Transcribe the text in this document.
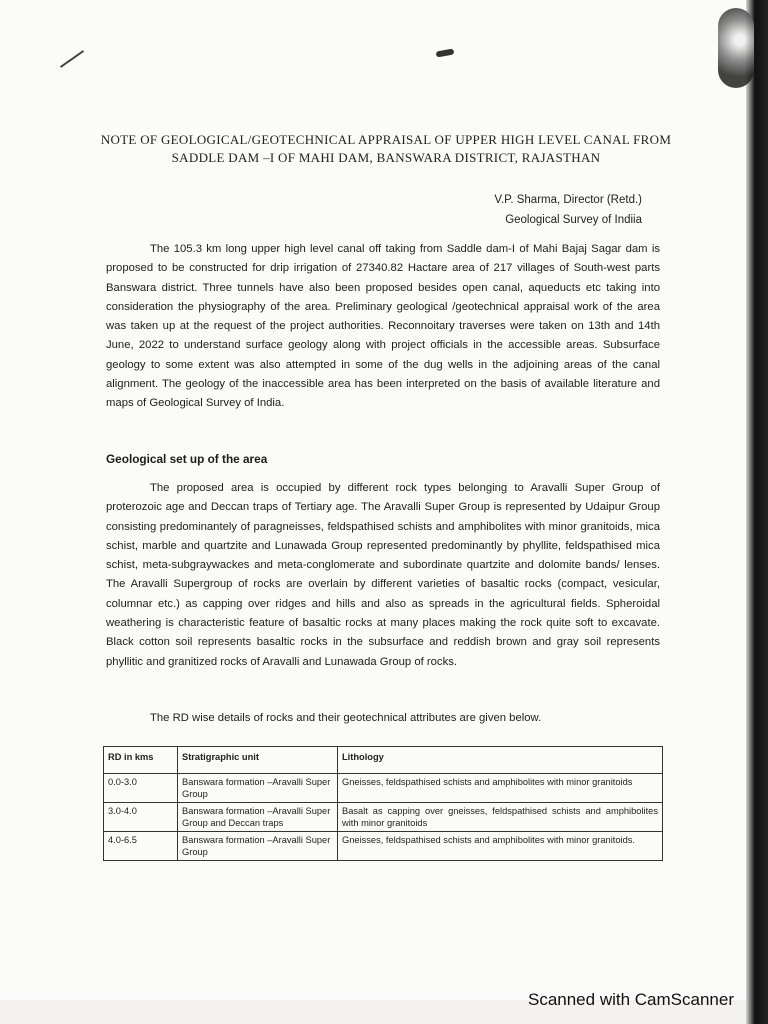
NOTE OF GEOLOGICAL/GEOTECHNICAL APPRAISAL OF UPPER HIGH LEVEL CANAL FROM SADDLE DAM –I OF MAHI DAM, BANSWARA DISTRICT, RAJASTHAN
V.P. Sharma, Director (Retd.)
Geological Survey of Indiia
The 105.3 km long upper high level canal off taking from Saddle dam-I of Mahi Bajaj Sagar dam is proposed to be constructed for drip irrigation of 27340.82 Hactare area of 217 villages of South-west parts Banswara district. Three tunnels have also been proposed besides open canal, aqueducts etc taking into consideration the physiography of the area. Preliminary geological /geotechnical appraisal work of the area was taken up at the request of the project authorities. Reconnoitary traverses were taken on 13th and 14th June, 2022 to understand surface geology along with project officials in the accessible areas. Subsurface geology to some extent was also attempted in some of the dug wells in the adjoining areas of the canal alignment. The geology of the inaccessible area has been interpreted on the basis of available literature and maps of Geological Survey of India.
Geological set up of the area
The proposed area is occupied by different rock types belonging to Aravalli Super Group of proterozoic age and Deccan traps of Tertiary age. The Aravalli Super Group is represented by Udaipur Group consisting predominantely of paragneisses, feldspathised schists and amphibolites with minor granitoids, mica schist, marble and quartzite and Lunawada Group represented predominantly by phyllite, feldspathised mica schist, meta-subgraywackes and meta-conglomerate and subordinate quartzite and dolomite bands/ lenses. The Aravalli Supergroup of rocks are overlain by different varieties of basaltic rocks (compact, vesicular, columnar etc.) as capping over ridges and hills and also as spreads in the agricultural fields. Spheroidal weathering is characteristic feature of basaltic rocks at many places making the rock quite soft to excavate. Black cotton soil represents basaltic rocks in the subsurface and reddish brown and gray soil represents phyllitic and granitized rocks of Aravalli and Lunawada Group of rocks.
The RD wise details of rocks and their geotechnical attributes are given below.
RD in kms	Stratigraphic unit	Lithology
0.0-3.0	Banswara formation –Aravalli Super Group	Gneisses, feldspathised schists and amphibolites with minor granitoids
3.0-4.0	Banswara formation –Aravalli Super Group and Deccan traps	Basalt as capping over gneisses, feldspathised schists and amphibolites with minor granitoids
4.0-6.5	Banswara formation –Aravalli Super Group	Gneisses, feldspathised schists and amphibolites with minor granitoids.
Scanned with CamScanner
